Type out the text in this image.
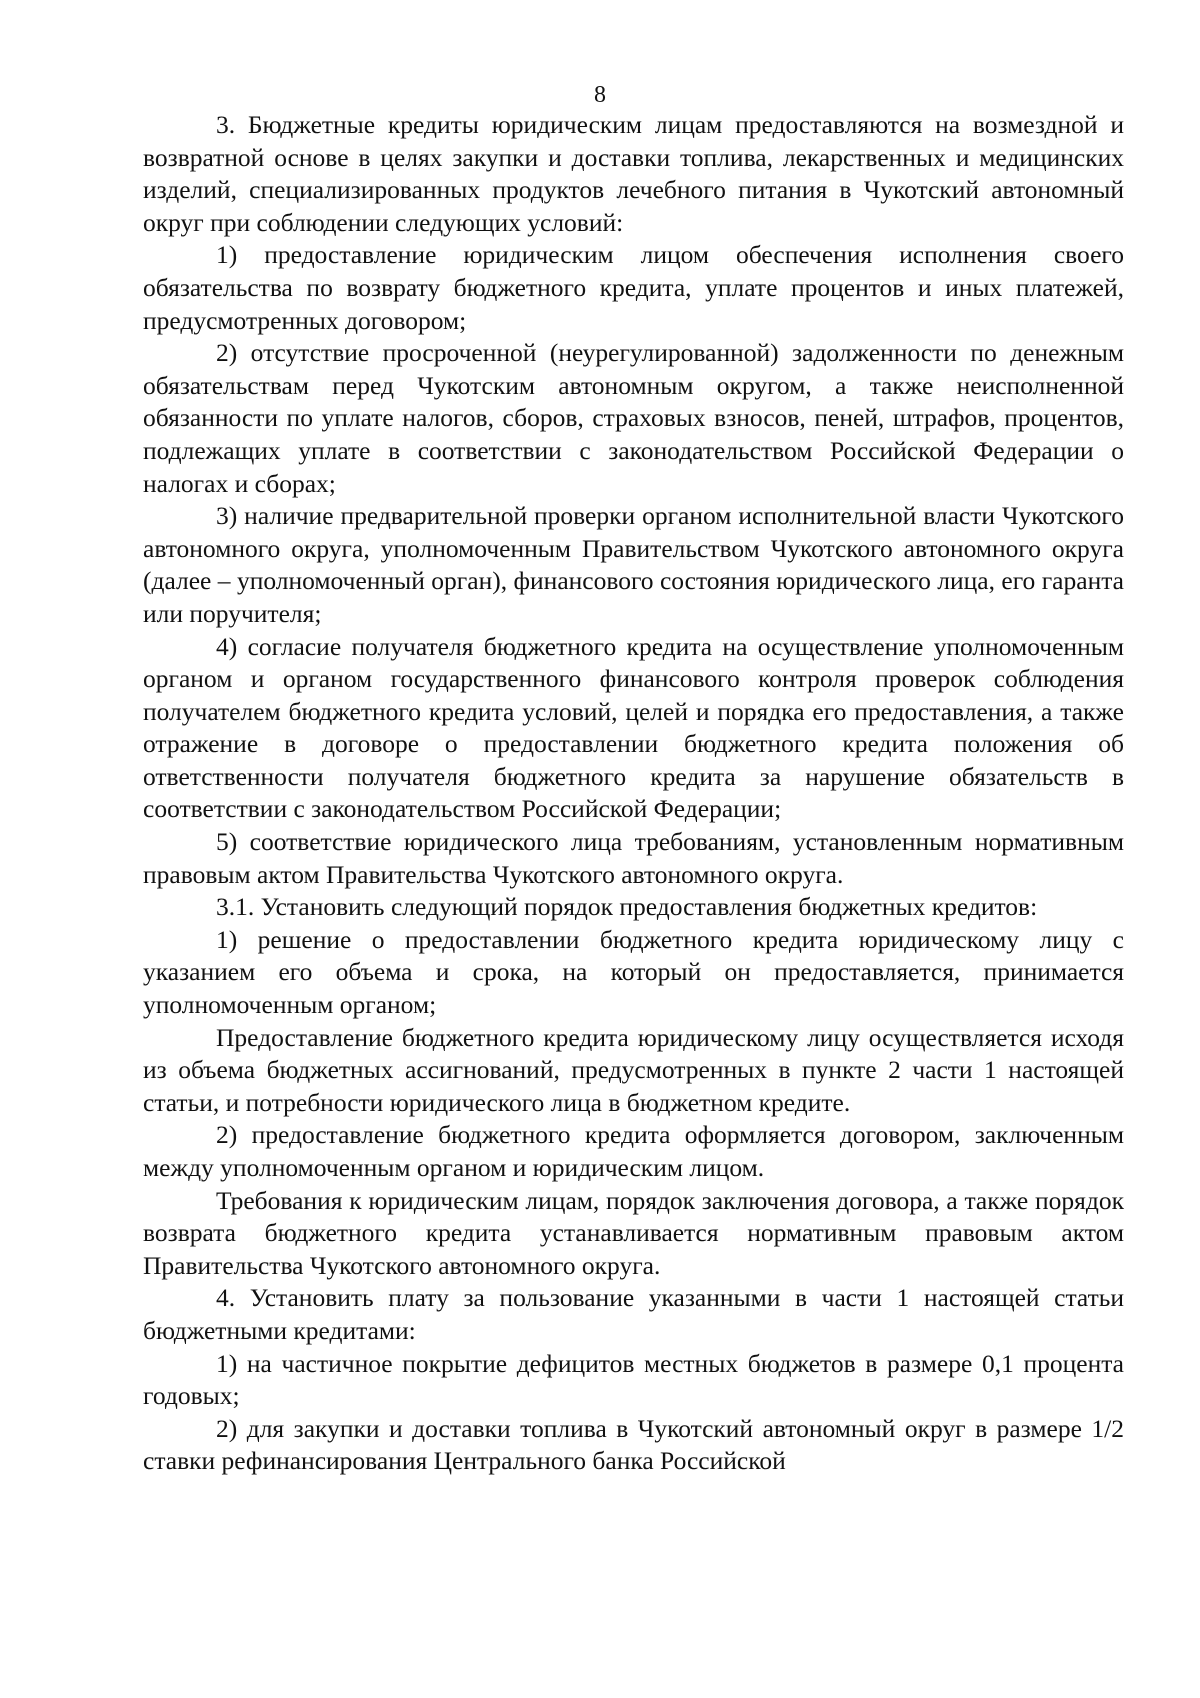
8

3. Бюджетные кредиты юридическим лицам предоставляются на возмездной и возвратной основе в целях закупки и доставки топлива, лекарственных и медицинских изделий, специализированных продуктов лечебного питания в Чукотский автономный округ при соблюдении следующих условий:

1) предоставление юридическим лицом обеспечения исполнения своего обязательства по возврату бюджетного кредита, уплате процентов и иных платежей, предусмотренных договором;

2) отсутствие просроченной (неурегулированной) задолженности по денежным обязательствам перед Чукотским автономным округом, а также неисполненной обязанности по уплате налогов, сборов, страховых взносов, пеней, штрафов, процентов, подлежащих уплате в соответствии с законодательством Российской Федерации о налогах и сборах;

3) наличие предварительной проверки органом исполнительной власти Чукотского автономного округа, уполномоченным Правительством Чукотского автономного округа (далее – уполномоченный орган), финансового состояния юридического лица, его гаранта или поручителя;

4) согласие получателя бюджетного кредита на осуществление уполномоченным органом и органом государственного финансового контроля проверок соблюдения получателем бюджетного кредита условий, целей и порядка его предоставления, а также отражение в договоре о предоставлении бюджетного кредита положения об ответственности получателя бюджетного кредита за нарушение обязательств в соответствии с законодательством Российской Федерации;

5) соответствие юридического лица требованиям, установленным нормативным правовым актом Правительства Чукотского автономного округа.

3.1. Установить следующий порядок предоставления бюджетных кредитов:

1) решение о предоставлении бюджетного кредита юридическому лицу с указанием его объема и срока, на который он предоставляется, принимается уполномоченным органом;

Предоставление бюджетного кредита юридическому лицу осуществляется исходя из объема бюджетных ассигнований, предусмотренных в пункте 2 части 1 настоящей статьи, и потребности юридического лица в бюджетном кредите.

2) предоставление бюджетного кредита оформляется договором, заключенным между уполномоченным органом и юридическим лицом.

Требования к юридическим лицам, порядок заключения договора, а также порядок возврата бюджетного кредита устанавливается нормативным правовым актом Правительства Чукотского автономного округа.

4. Установить плату за пользование указанными в части 1 настоящей статьи бюджетными кредитами:

1) на частичное покрытие дефицитов местных бюджетов в размере 0,1 процента годовых;

2) для закупки и доставки топлива в Чукотский автономный округ в размере 1/2 ставки рефинансирования Центрального банка Российской
